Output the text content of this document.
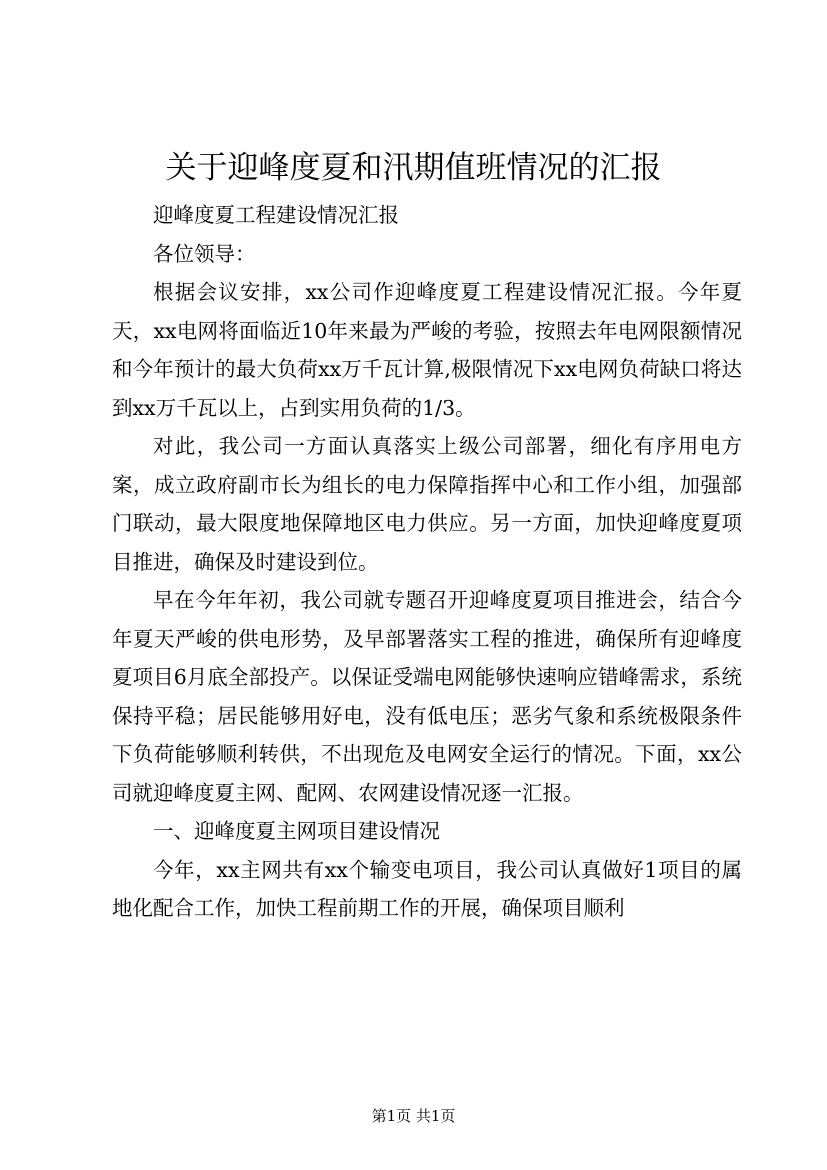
关于迎峰度夏和汛期值班情况的汇报

迎峰度夏工程建设情况汇报

各位领导：

根据会议安排，xx公司作迎峰度夏工程建设情况汇报。今年夏天，xx电网将面临近10年来最为严峻的考验，按照去年电网限额情况和今年预计的最大负荷xx万千瓦计算,极限情况下xx电网负荷缺口将达到xx万千瓦以上，占到实用负荷的1/3。

对此，我公司一方面认真落实上级公司部署，细化有序用电方案，成立政府副市长为组长的电力保障指挥中心和工作小组，加强部门联动，最大限度地保障地区电力供应。另一方面，加快迎峰度夏项目推进，确保及时建设到位。

早在今年年初，我公司就专题召开迎峰度夏项目推进会，结合今年夏天严峻的供电形势，及早部署落实工程的推进，确保所有迎峰度夏项目6月底全部投产。以保证受端电网能够快速响应错峰需求，系统保持平稳；居民能够用好电，没有低电压；恶劣气象和系统极限条件下负荷能够顺利转供，不出现危及电网安全运行的情况。下面，xx公司就迎峰度夏主网、配网、农网建设情况逐一汇报。

一、迎峰度夏主网项目建设情况

今年，xx主网共有xx个输变电项目，我公司认真做好1项目的属地化配合工作，加快工程前期工作的开展，确保项目顺利

第1页 共1页
